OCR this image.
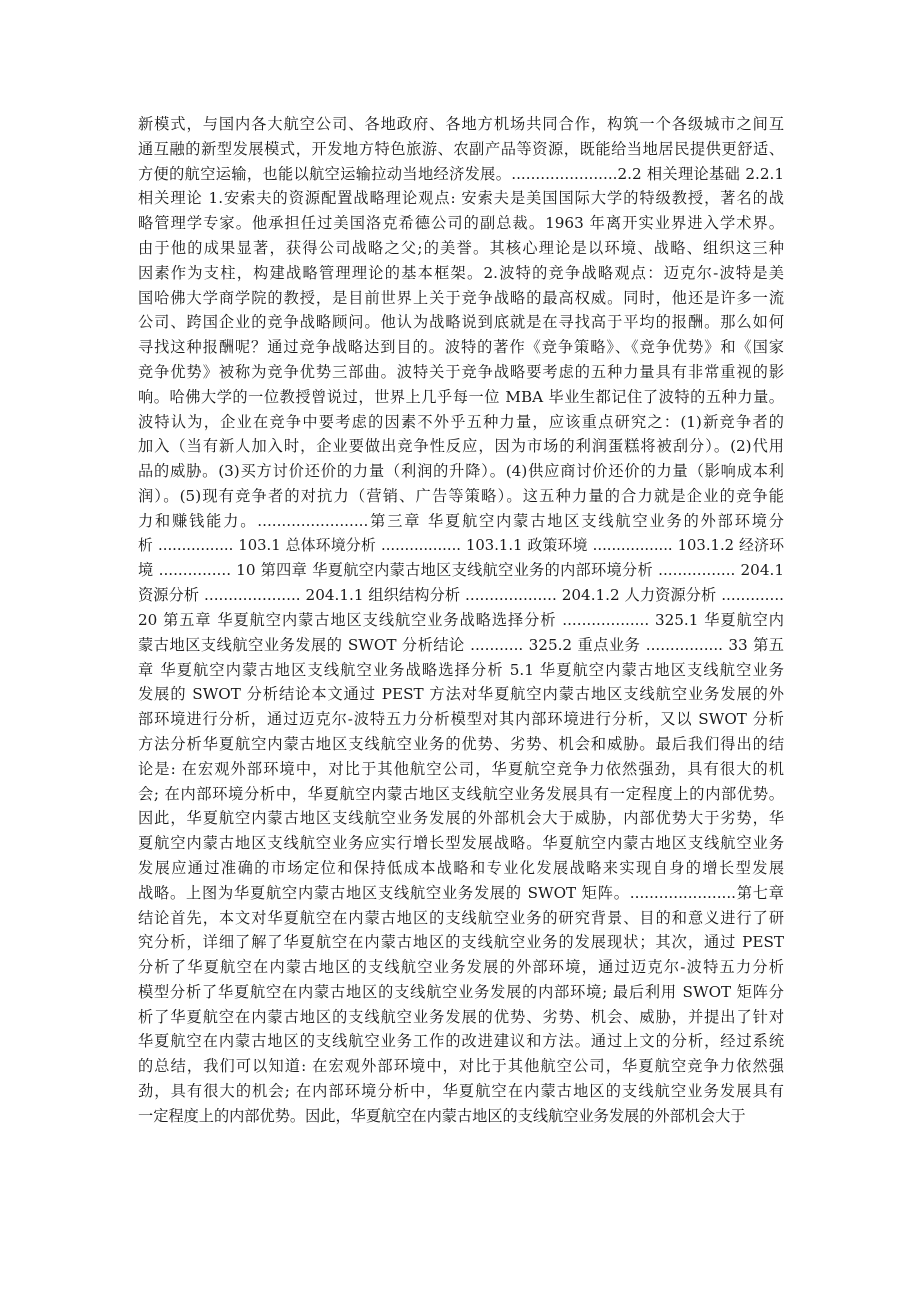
新模式，与国内各大航空公司、各地政府、各地方机场共同合作，构筑一个各级城市之间互
通互融的新型发展模式，开发地方特色旅游、农副产品等资源，既能给当地居民提供更舒适、
方便的航空运输，也能以航空运输拉动当地经济发展。......................2.2 相关理论基础 2.2.1
相关理论 1.安索夫的资源配置战略理论观点: 安索夫是美国国际大学的特级教授，著名的战
略管理学专家。他承担任过美国洛克希德公司的副总裁。1963 年离开实业界进入学术界。
由于他的成果显著，获得公司战略之父;的美誉。其核心理论是以环境、战略、组织这三种
因素作为支柱，构建战略管理理论的基本框架。2.波特的竞争战略观点：迈克尔-波特是美
国哈佛大学商学院的教授，是目前世界上关于竞争战略的最高权威。同时，他还是许多一流
公司、跨国企业的竞争战略顾问。他认为战略说到底就是在寻找高于平均的报酬。那么如何
寻找这种报酬呢？通过竞争战略达到目的。波特的著作《竞争策略》、《竞争优势》和《国家
竞争优势》被称为竞争优势三部曲。波特关于竞争战略要考虑的五种力量具有非常重视的影
响。哈佛大学的一位教授曾说过，世界上几乎每一位 MBA 毕业生都记住了波特的五种力量。
波特认为，企业在竞争中要考虑的因素不外乎五种力量，应该重点研究之：(1)新竞争者的
加入（当有新人加入时，企业要做出竞争性反应，因为市场的利润蛋糕将被刮分）。(2)代用
品的威胁。(3)买方讨价还价的力量（利润的升降）。(4)供应商讨价还价的力量（影响成本利
润）。(5)现有竞争者的对抗力（营销、广告等策略）。这五种力量的合力就是企业的竞争能
力和赚钱能力。.......................第三章 华夏航空内蒙古地区支线航空业务的外部环境分
析 ................ 103.1 总体环境分析 ................. 103.1.1 政策环境 ................. 103.1.2 经济环
境 ............... 10 第四章 华夏航空内蒙古地区支线航空业务的内部环境分析 ................ 204.1
资源分析 .................... 204.1.1 组织结构分析 ................... 204.1.2 人力资源分析 .............
20 第五章 华夏航空内蒙古地区支线航空业务战略选择分析 .................. 325.1 华夏航空内
蒙古地区支线航空业务发展的 SWOT 分析结论 ........... 325.2 重点业务 ................ 33 第五
章 华夏航空内蒙古地区支线航空业务战略选择分析 5.1 华夏航空内蒙古地区支线航空业务
发展的 SWOT 分析结论本文通过 PEST 方法对华夏航空内蒙古地区支线航空业务发展的外
部环境进行分析，通过迈克尔-波特五力分析模型对其内部环境进行分析，又以 SWOT 分析
方法分析华夏航空内蒙古地区支线航空业务的优势、劣势、机会和威胁。最后我们得出的结
论是: 在宏观外部环境中，对比于其他航空公司，华夏航空竞争力依然强劲，具有很大的机
会; 在内部环境分析中，华夏航空内蒙古地区支线航空业务发展具有一定程度上的内部优势。
因此，华夏航空内蒙古地区支线航空业务发展的外部机会大于威胁，内部优势大于劣势，华
夏航空内蒙古地区支线航空业务应实行增长型发展战略。华夏航空内蒙古地区支线航空业务
发展应通过准确的市场定位和保持低成本战略和专业化发展战略来实现自身的增长型发展
战略。上图为华夏航空内蒙古地区支线航空业务发展的 SWOT 矩阵。......................第七章
结论首先，本文对华夏航空在内蒙古地区的支线航空业务的研究背景、目的和意义进行了研
究分析，详细了解了华夏航空在内蒙古地区的支线航空业务的发展现状；其次，通过 PEST
分析了华夏航空在内蒙古地区的支线航空业务发展的外部环境，通过迈克尔-波特五力分析
模型分析了华夏航空在内蒙古地区的支线航空业务发展的内部环境; 最后利用 SWOT 矩阵分
析了华夏航空在内蒙古地区的支线航空业务发展的优势、劣势、机会、威胁，并提出了针对
华夏航空在内蒙古地区的支线航空业务工作的改进建议和方法。通过上文的分析，经过系统
的总结，我们可以知道: 在宏观外部环境中，对比于其他航空公司，华夏航空竞争力依然强
劲，具有很大的机会; 在内部环境分析中，华夏航空在内蒙古地区的支线航空业务发展具有
一定程度上的内部优势。因此，华夏航空在内蒙古地区的支线航空业务发展的外部机会大于
